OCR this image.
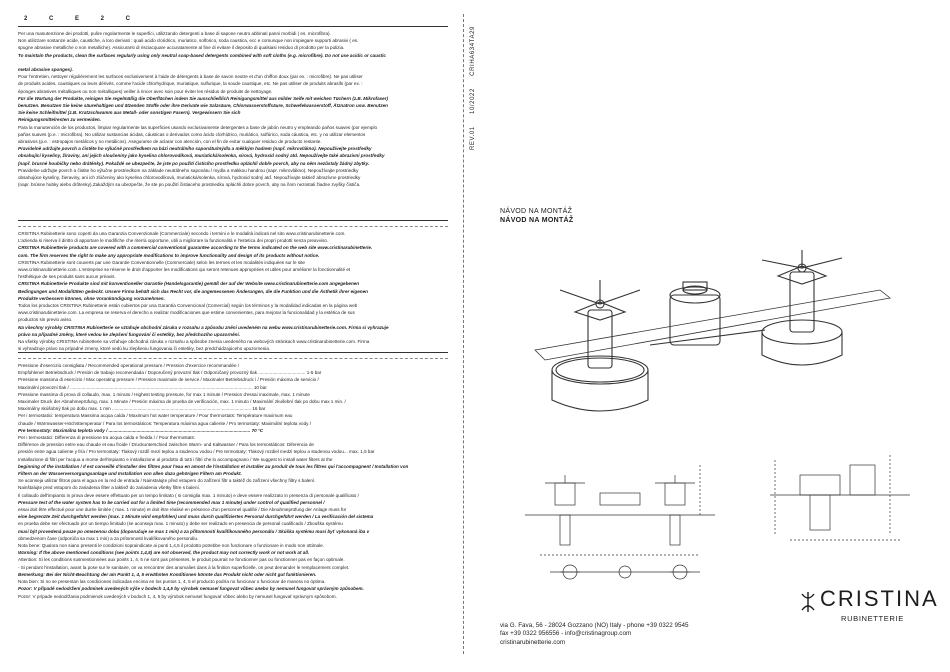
2 C E 2 C

Per una manutenzione dei prodotti, pulire regolarmente le superfici, utilizzando detergenti a base di sapone neutro abbinati panni morbidi ( es. microfibra).

Non utilizzare sostanze acide, caustiche, a loro derivati : quali acido cloridrico, muriatico, solforico, soda caustica, ecc e comunque non impiegare supporti abrasivi ( es.

spugne abrasive metalliche o non metalliche). Assicurarsi di risciacquare accuratamente al fine di evitare il deposito di qualsiasi residuo di prodotto per la pulizia.

To maintain the products, clean the surfaces regularly using only neutral soap-based detergents combined with soft cloths (e.g. microfibre). Do not use acidic or caustic

metal abrasive sponges).

Pour l'entretien, nettoyer régulièrement les surfaces exclusivement à l'aide de détergents à base de savon neutre et d'un chiffon doux (par ex. : microfibre). Ne pas utiliser

de produits acides, caustiques ou leurs dérivés, comme l'acide chlorhydrique, muriatique, sulfurique, la soude caustique, etc. Ne pas utiliser de produits abrasifs (par ex. :

éponges abrasives métalliques ou non métalliques) veiller à rincer avec soin pour éviter les résidus de produits de nettoyage.

Für die Wartung der Produkte, reinigen Sie regelmäßig die Oberflächen indem Sie ausschließlich Reinigungsmittel aus milder Seife mit weichen Tüchern (z.B. Mikrofaser)

benutzen. Benutzen Sie keine säurehaltigen und ätzenden Stoffe oder ihre Derivate wie Salzsäure, Chlorwasserstoffsäure, Schwefelwasserstoff, Ätznatron usw. Benutzen

Sie keine Schleifmittel (z.B. Kratzschwamm aus Metall- oder sonstigen Fasern). Vergewissern Sie sich

Reinigungsmittelresten zu vermeiden.

Para la manutención de los productos, limpiar regularmente las superficies usando exclusivamente detergentes a base de jabón neutro y empleando paños suaves (por ejemplo

paños suaves (p.e. : microfibra). No utilizar sustancias ácidas, cáusticas o derivados como ácido clorhídrico, muriático, sulfúrico, soda cáustica, etc. y no utilizar elementos

abrasivos (p.e. : estropajos metálicos y no metálicos). Asegurarse de aclarar con atención, con el fin de evitar cualquier residuo de producto restante.

Pravidelně udržujte povrch a čistěte ho výlučně prostředkem na bázi neutrálního saponátu/mýdla a měkkým hadrem (např. mikrovlákno). Nepoužívejte prostředky

obsahující kyseliny, žíraviny, ani jejich sloučeniny jako kyselina chlorovodíková, muriatická/solenka, sírová, hydroxid sodný atd. Nepoužívejte také abrazivní prostředky

(např. brusné houbičky nebo drátěnky). Pokaždé se ubezpečte, že jste po použití čisticího prostředku opláchli dobře povrch, aby na něm nezůstaly žádný zbytky.

Pravidelne udržujte povrch a čistite ho výlučne prostriedkom na základe neutrálneho saponátu / mydla a mäkkou handrou (napr. mikrovlákno). Nepoužívajte prostriedky

obsahujúce kyseliny, žieraviny, ani ich zlúčeniny ako kyselina chlorovodíková, muriatická/solenka, sírová, hydroxid sodný atď. Nepoužívajte taktiež abrazívne prostriedky

(napr. brúsne hubky alebo drôtenky).Zakaždým sa ubezpečte, že ste po použití čistiaceho prostriedku opláchli dobre povrch, aby na ňom nezostali žiadne zvyšky čističa.

CRISTINA Rubinetterie sono coperti da una Garanzia Convenzionale (Commerciale) secondo i termini e le modalità indicati nel sito www.cristinarubinetterie.com.

L'azienda si riserva il diritto di apportare le modifiche che riterrà opportune, utili a migliorare la funzionalità e l'estetica dei propri prodotti senza preavviso.

CRISTINA Rubinetterie products are covered with a commercial conventional guarantee according to the terms indicated on the web site www.cristinarubinetterie.

com. The firm reserves the right to make any appropriate modifications to improve functionality and design of its products without notice.

CRISTINA Rubinetterie sont couverts par une Garantie Conventionnelle (Commerciale) selon les termes et les modalités indiquées sur le site

www.cristinarubinetterie.com. L'entreprise se réserve le droit d'apporter les modifications qui seront retenues appropriées et utiles pour améliorer la fonctionnalité et

l'esthétique de ses produits sans aucun préavis.

CRISTINA Rubinetterie Produkte sind mit konventioneller Garantie (Handelsgarantie) gemäß der auf der Website www.cristinarubinetterie.com angegebenen

Bedingungen und Modalitäten gedeckt. Unsere Firma behält sich das Recht vor, die angemessenen Änderungen, die die Funktion und die Ästhetik ihrer eigenen

Produkte verbessern können, ohne Vorankündigung vorzunehmen.

Todos los productos CRISTINA Rubinetterie están cubiertos por una Garantía Convencional (Comercial) según los términos y la modalidad indicadas en la página web

www.cristinarubinetterie.com. La empresa se reserva el derecho a realizar modificaciones que estime convenientes, para mejorar la funcionalidad y la estética de sus

productos sin previo aviso.

Na všechny výrobky CRISTINA Rubinetterie se vztahuje obchodní záruka v rozsahu a způsobu zněni uvedeném na webu www.cristinarubinetterie.com. Firma si vyhrazuje

právo na případné změny, které vedou ke zlepšení fungování či estetiky, bez předchozího upozornění.

Na všetky výrobky CRISTINA rubinetterie sa vzťahuje obchodná záruka v rozsahu a spôsobe znenia uvedeného na webových stránkach www.cristinarubinetterie.com. Firma

si vyhradzuje právo na prípadné zmeny, ktoré vedú ku zlepšeniu fungovania či estetiky, bez predchádzajúceho upozornenia.

Pressione d'esercizio consigliata / Recommended operational pressure / Pression d'exercice recommandée /

Empfohlener Betriebsdruck / Presión de trabajo recomendada / Doporučený provozní tlak / Odporúčaný provozný tlak ..................................... 1-5 bar

Pressione massima di esercizio / Max operating pressure / Pression maximale de service / Maximaler Betriebsdruck / / Presión máxima de servicio /

Maximální provozní tlak / ............................................................................................................................................... 10 bar

Pressione massima di prova di collaudo, max. 1 minuto / Highest testing pressure, for max 1 minute / Pression d'essai maximale, max. 1 minute

Maximaler Druck der Abnahmeprüfung, max. 1 Minute / Presión máxima de prueba de verificación, max. 1 minuto / Maximální zkušební tlak po dobu max 1 min. /

Maximálny skúšobný tlak po dobu max. 1 min ............................................................................................................. 16 bar

Per i termostatici: temperatura Massima acqua calda / Maximum hot water temperature / Pour thermostats: Température maximum eau

chaude / Wärmwasser-Höchsttemperatur / Para los termostáticos: Temperatura máxima agua caliente / Pro termostaty: Maximální teplota vody /

Pre termostaty: Maximálna teplota vody / ............................................................................................................... 70 °C

Per i termostatici: Differenza di pressione tra acqua calda e fredda / / Pour thermostats:

Différence de pression entre eau chaude et eau froide / Druckunterschied zwischen Warm- und Kaltwasser / Para los termostáticos: Diferencia de

presión entre agua caliente y fría / Pro termostaty: Tlakový rozdíl mezi teplou a studenou vodou / Pre termostaty: Tlakový rozdiel medzi teplou a studenou vodou... max. 1,5 bar

Installazione di filtri per l'acqua a monte dell'impianto e installazione al prodotto di tutti i filtri che lo accompagnano / We suggest to install water filters at the

beginning of the installation / Il est conseillé d'installer des filtres pour l'eau en amont de l'installation et installer au produit de tous les filtres qui l'accompagnent / Installation von

Filtern an der Wasserversorgungsanlage und Installation von allen dazu gehörigen Filtern am Produkt.

Se aconseja utilizar filtros para el agua en la red de entrada / Nainstalujte před vstupem do zařízení filtr a taktéž do zařízení všechny filtry s balení.

Nainštalujte pred vstupom do zariadenia filter a taktiež do zariadenia všetky filtre s balení.

Il collaudo dell'impianto in prova deve essere effettuato per un tempo limitato ( si consiglia max. 1 minuto) e deve essere realizzato in presenza di personale qualificato /

Pressure test of the water system has to be carried out for a limited time (recommended max 1 minute) under control of qualified personnel /

essai doit être effectué pour une durée limitée ( max. 1 minute) et doit être réalisé en présence d'un personnel qualifié / Die Abnahmeprüfung der Anlage muss für

eine begrenzte Zeit durchgeführt werden (max. 1 Minute wird empfohlen) und muss durch qualifiziertes Personal durchgeführt werden / La verificación del sistema

en prueba debe ser efectuado por un tiempo limitado (se aconseja max. 1 minuto) y debe ser realizado en presencia de personal cualificado / Zkouška systému

musí být provedená pouze po omezenou dobu (doporučuje se max 1 min) a za přítomnosti kvalifikovaného personálu / Skúška systému musí byť vykonaná iba v

obmedzenom čase (odporúča sa max 1 min) a za prítomnosti kvalifikovaného personálu.

Nota bene: Qualora non siano presenti le condizioni sopraindicate ai punti 1,4,5 il prodotto potrebbe non funzionare o funzionare in modo non ottimale.

Warning: If the above mentioned conditions (see points 1,4,5) are not observed, the product may not correctly work or not work at all.

Attention: Si les conditions susmentionnées aux points 1, 4, 5 ne sont pas présentes, le produit pourrait ne fonctionner pas ou fonctionner pas en façon optimale.

- Si pendant l'installation, avant la pose sur le sanitaire, on va rencontrer des anomalies dans à la finition superficielle, on peut demander le remplacement complet.

Bemerkung: Bei der Nicht-Beachtung der am Punkt 1, 4, 5 erwähnten Konditionen könnte das Produkt nicht oder nicht gut funktionieren.

Nota bien: Si no se presentan las condiciones indicadas encima en los puntos 1, 4, 5 el producto podría no funcionar o funcionar de manera no óptima.

Pozor: V případě nedodržení podmínek uvedených výše v bodech 1,4,5 by výrobek nemusel fungovat vůbec anebo by nemusel fungovat správným způsobem.

Pozor: V prípade nedodržania podmienok uvedených v bodoch 1, 4, 5 by výrobok nemusel fungovať vôbec alebo by nemusel fungovať správnym spôsobom.

REV.01 10/2022 CRIHA634TA29
NÁVOD NA MONTÁŽ
NÁVOD NA MONTÁŽ
CRISTINA
RUBINETTERIE
via G. Fava, 56 - 28024 Gozzano (NO) Italy - phone +39 0322 9545
fax +39 0322 956556 - info@cristinagroup.com
cristinarubinetterie.com
